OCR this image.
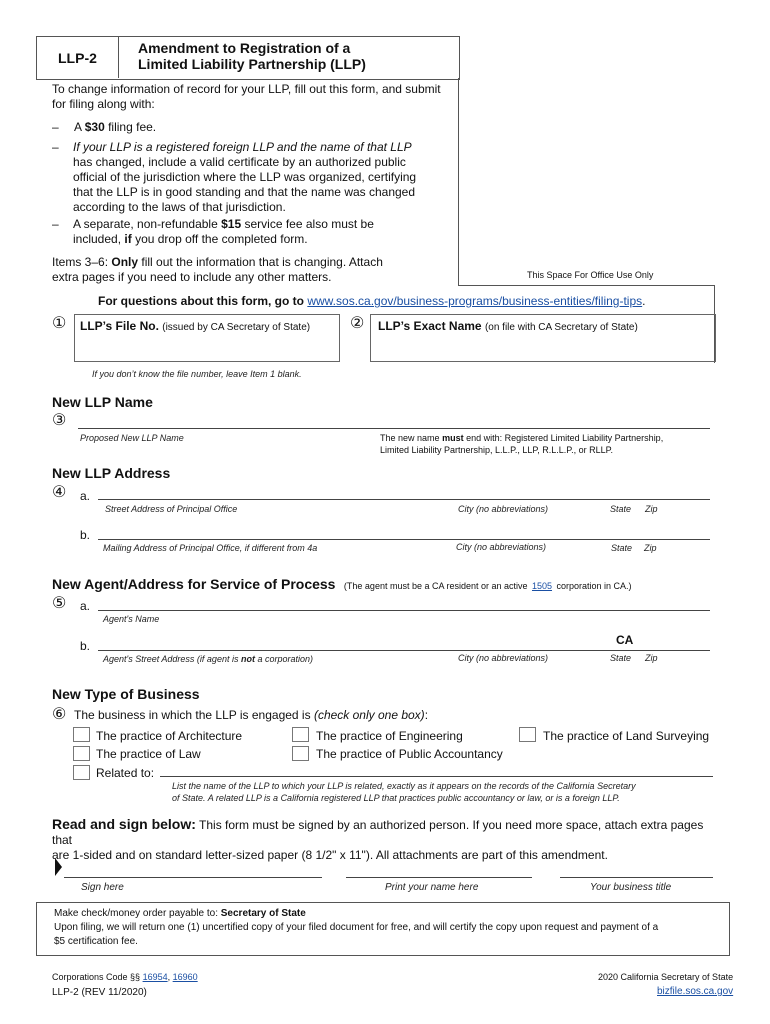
LLP-2
Amendment to Registration of a
Limited Liability Partnership (LLP)
To change information of record for your LLP, fill out this form, and submit for filing along with:
– A $30 filing fee.
– If your LLP is a registered foreign LLP and the name of that LLP
has changed, include a valid certificate by an authorized public
official of the jurisdiction where the LLP was organized, certifying
that the LLP is in good standing and that the name was changed
according to the laws of that jurisdiction.
– A separate, non-refundable $15 service fee also must be
included, if you drop off the completed form.
Items 3–6: Only fill out the information that is changing. Attach
extra pages if you need to include any other matters.	This Space For Office Use Only
For questions about this form, go to www.sos.ca.gov/business-programs/business-entities/filing-tips.
① LLP’s File No. (issued by CA Secretary of State)
If you don’t know the file number, leave Item 1 blank.
② LLP’s Exact Name (on file with CA Secretary of State)
New LLP Name
③
Proposed New LLP Name	The new name must end with: Registered Limited Liability Partnership,
Limited Liability Partnership, L.L.P., LLP, R.L.L.P., or RLLP.
New LLP Address
④ a.
Street Address of Principal Office	City (no abbreviations)	State Zip
b.
Mailing Address of Principal Office, if different from 4a	City (no abbreviations)	State Zip
New Agent/Address for Service of Process (The agent must be a CA resident or an active 1505 corporation in CA.)
⑤ a.
Agent's Name
b.	CA
Agent's Street Address (if agent is not a corporation)	City (no abbreviations)	State Zip
New Type of Business
⑥ The business in which the LLP is engaged is (check only one box):
The practice of Architecture	The practice of Engineering	The practice of Land Surveying
The practice of Law	The practice of Public Accountancy
Related to:
List the name of the LLP to which your LLP is related, exactly as it appears on the records of the California Secretary
of State. A related LLP is a California registered LLP that practices public accountancy or law, or is a foreign LLP.
Read and sign below: This form must be signed by an authorized person. If you need more space, attach extra pages that
are 1-sided and on standard letter-sized paper (8 1/2" x 11"). All attachments are part of this amendment.
Sign here	Print your name here	Your business title
Make check/money order payable to: Secretary of State
Upon filing, we will return one (1) uncertified copy of your filed document for free, and will certify the copy upon request and payment of a
$5 certification fee.
Corporations Code §§ 16954, 16960
LLP-2 (REV 11/2020)
2020 California Secretary of State
bizfile.sos.ca.gov
